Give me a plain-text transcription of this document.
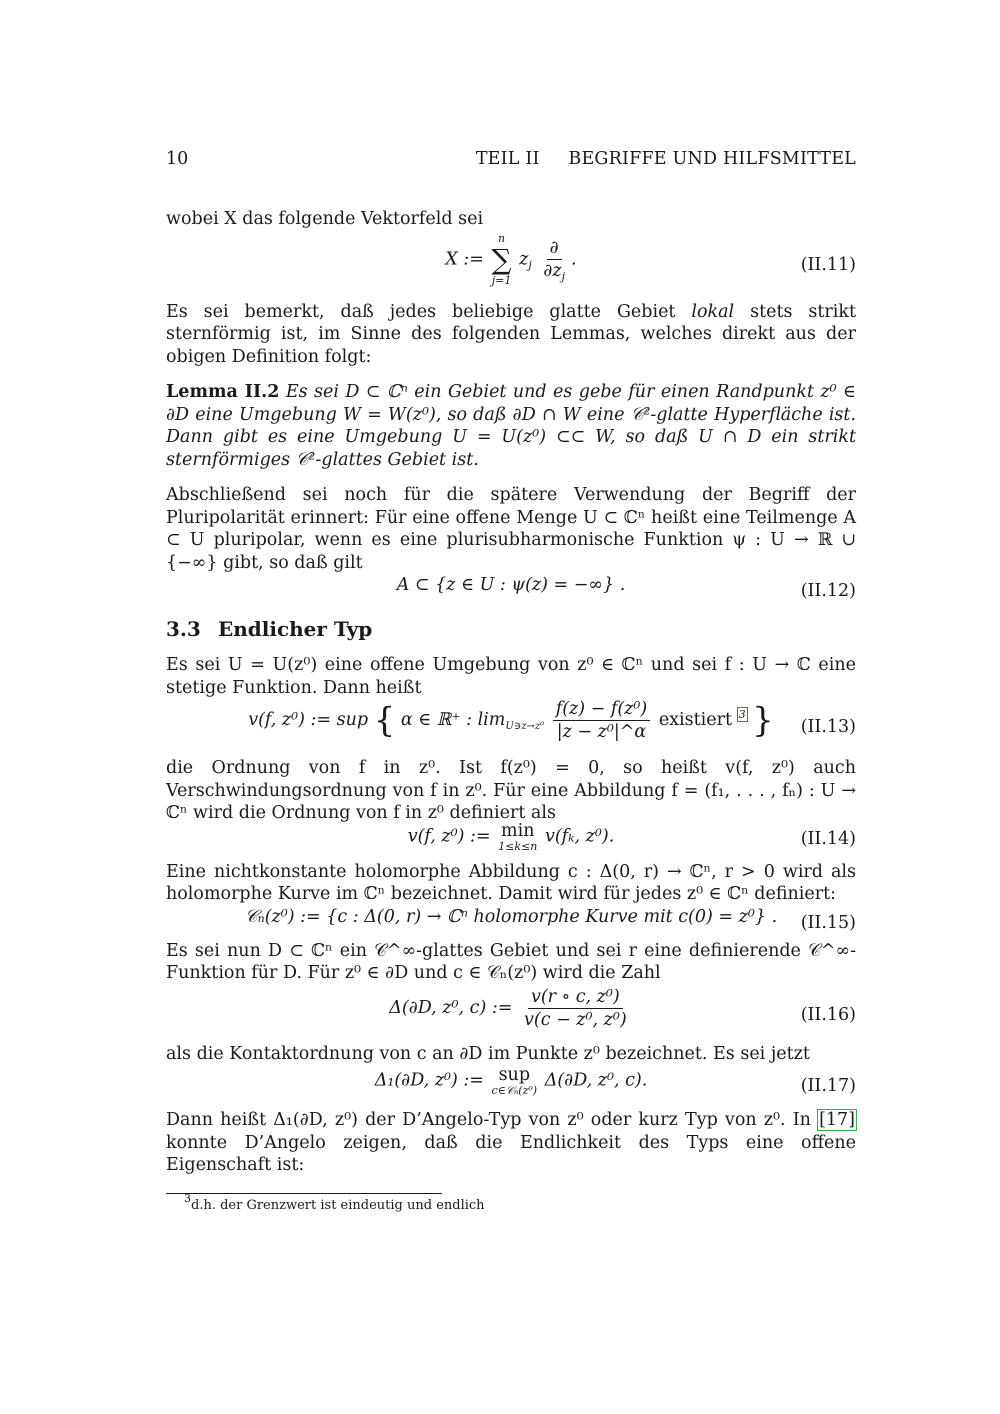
10	TEIL II     BEGRIFFE UND HILFSMITTEL

wobei X das folgende Vektorfeld sei

X :=
n
∑
j=1
$z_j \frac{\partial}{\partial z_j}$ .	(II.11)

Es sei bemerkt, daß jedes beliebige glatte Gebiet lokal stets strikt sternförmig ist, im Sinne des folgenden Lemmas, welches direkt aus der obigen Definition folgt:

Lemma II.2 Es sei D ⊂ ℂⁿ ein Gebiet und es gebe für einen Randpunkt z⁰ ∈ ∂D eine Umgebung W = W(z⁰), so daß ∂D ∩ W eine 𝒞²-glatte Hyperfläche ist. Dann gibt es eine Umgebung U = U(z⁰) ⊂⊂ W, so daß U ∩ D ein strikt sternförmiges 𝒞²-glattes Gebiet ist.

Abschließend sei noch für die spätere Verwendung der Begriff der Pluripolarität erinnert: Für eine offene Menge U ⊂ ℂⁿ heißt eine Teilmenge A ⊂ U pluripolar, wenn es eine plurisubharmonische Funktion ψ : U → ℝ ∪ {−∞} gibt, so daß gilt

A ⊂ {z ∈ U : ψ(z) = −∞} .	(II.12)
3.3 Endlicher Typ

Es sei U = U(z⁰) eine offene Umgebung von z⁰ ∈ ℂⁿ und sei f : U → ℂ eine stetige Funktion. Dann heißt

v(f, z⁰) := sup { α ∈ ℝ⁺ : $\lim_{U∋z\to z^0} \frac{\text{f(z) − f(z⁰)}}{\text{|z − z⁰|\textasciicircum{}α}}$ existiert $^3$ } (II.13)

die Ordnung von f in z⁰. Ist f(z⁰) = 0, so heißt v(f, z⁰) auch Verschwindungsordnung von f in z⁰. Für eine Abbildung f = (f₁, . . . , fₙ) : U → ℂⁿ wird die Ordnung von f in z⁰ definiert als

v(f, z⁰) := min
1≤k≤n v(fₖ, z⁰).	(II.14)

Eine nichtkonstante holomorphe Abbildung c : Δ(0, r) → ℂⁿ, r > 0 wird als holomorphe Kurve im ℂⁿ bezeichnet. Damit wird für jedes z⁰ ∈ ℂⁿ definiert:

𝒞ₙ(z⁰) := {c : Δ(0, r) → ℂⁿ holomorphe Kurve mit c(0) = z⁰} . (II.15)

Es sei nun D ⊂ ℂⁿ ein 𝒞^∞-glattes Gebiet und sei r eine definierende 𝒞^∞-Funktion für D. Für z⁰ ∈ ∂D und c ∈ 𝒞ₙ(z⁰) wird die Zahl

Δ(∂D, z⁰, c) := $\frac{\text{v(r ∘ c, z⁰)}}{\text{v(c − z⁰, z⁰)}}$	(II.16)

als die Kontaktordnung von c an ∂D im Punkte z⁰ bezeichnet. Es sei jetzt

Δ₁(∂D, z⁰) := sup
c∈𝒞ₙ(z⁰) Δ(∂D, z⁰, c).	(II.17)

Dann heißt Δ₁(∂D, z⁰) der D’Angelo-Typ von z⁰ oder kurz Typ von z⁰. In [17] konnte D’Angelo zeigen, daß die Endlichkeit des Typs eine offene Eigenschaft ist:

$^3$d.h. der Grenzwert ist eindeutig und endlich
